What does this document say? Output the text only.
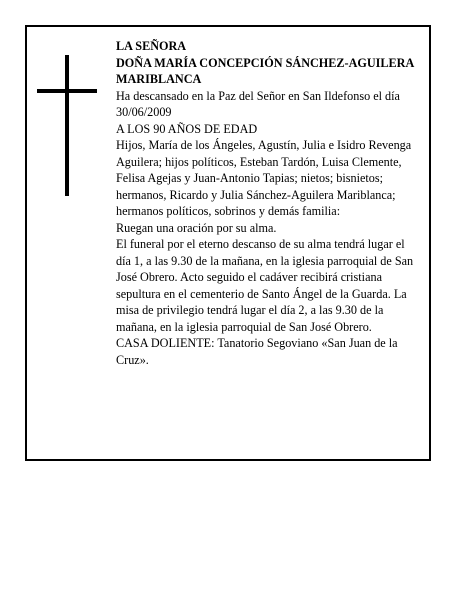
LA SEÑORA

DOÑA MARÍA CONCEPCIÓN SÁNCHEZ-AGUILERA MARIBLANCA

Ha descansado en la Paz del Señor en San Ildefonso el día 30/06/2009

A LOS 90 AÑOS DE EDAD

Hijos, María de los Ángeles, Agustín, Julia e Isidro Revenga Aguilera; hijos políticos, Esteban Tardón, Luisa Clemente, Felisa Agejas y Juan-Antonio Tapias; nietos; bisnietos; hermanos, Ricardo y Julia Sánchez-Aguilera Mariblanca; hermanos políticos, sobrinos y demás familia:

Ruegan una oración por su alma.

El funeral por el eterno descanso de su alma tendrá lugar el día 1, a las 9.30 de la mañana, en la iglesia parroquial de San José Obrero. Acto seguido el cadáver recibirá cristiana sepultura en el cementerio de Santo Ángel de la Guarda. La misa de privilegio tendrá lugar el día 2, a las 9.30 de la mañana, en la iglesia parroquial de San José Obrero.

CASA DOLIENTE: Tanatorio Segoviano «San Juan de la Cruz».
